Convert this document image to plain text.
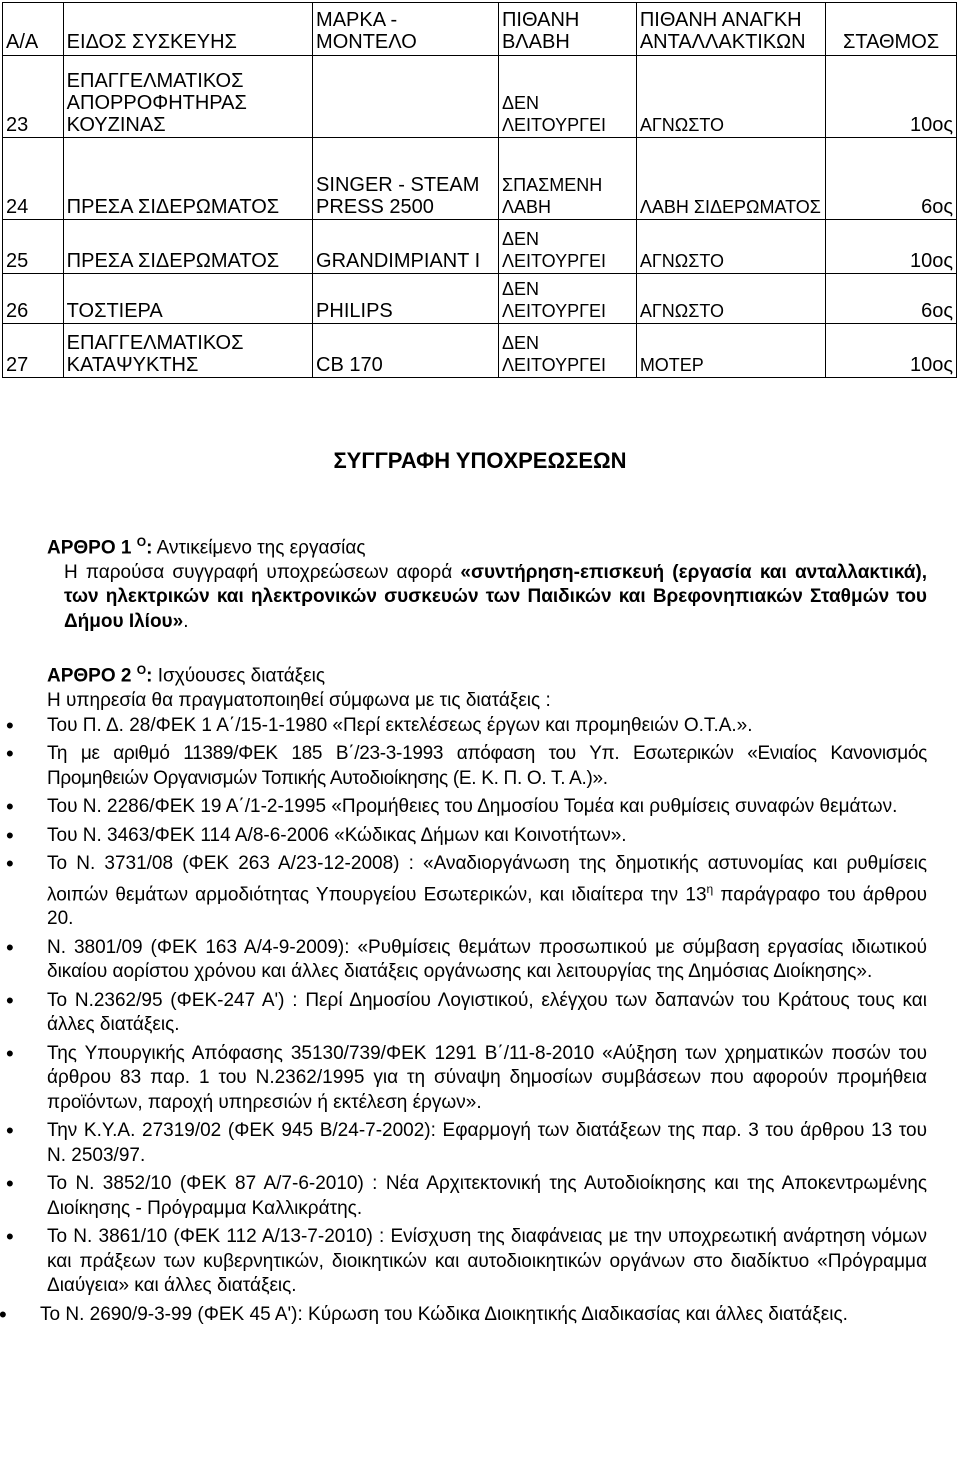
Α/Α	ΕΙΔΟΣ ΣΥΣΚΕΥΗΣ	ΜΑΡΚΑ - ΜΟΝΤΕΛΟ	ΠΙΘΑΝΗ ΒΛΑΒΗ	ΠΙΘΑΝΗ ΑΝΑΓΚΗ ΑΝΤΑΛΛΑΚΤΙΚΩΝ	ΣΤΑΘΜΟΣ
23	ΕΠΑΓΓΕΛΜΑΤΙΚΟΣ ΑΠΟΡΡΟΦΗΤΗΡΑΣ ΚΟΥΖΙΝΑΣ		ΔΕΝ ΛΕΙΤΟΥΡΓΕΙ	ΑΓΝΩΣΤΟ	10ος
24	ΠΡΕΣΑ ΣΙΔΕΡΩΜΑΤΟΣ	SINGER - STEAM PRESS 2500	ΣΠΑΣΜΕΝΗ ΛΑΒΗ	ΛΑΒΗ ΣΙΔΕΡΩΜΑΤΟΣ	6ος
25	ΠΡΕΣΑ ΣΙΔΕΡΩΜΑΤΟΣ	GRANDIMPIANT I	ΔΕΝ ΛΕΙΤΟΥΡΓΕΙ	ΑΓΝΩΣΤΟ	10ος
26	ΤΟΣΤΙΕΡΑ	PHILIPS	ΔΕΝ ΛΕΙΤΟΥΡΓΕΙ	ΑΓΝΩΣΤΟ	6ος
27	ΕΠΑΓΓΕΛΜΑΤΙΚΟΣ ΚΑΤΑΨΥΚΤΗΣ	CB 170	ΔΕΝ ΛΕΙΤΟΥΡΓΕΙ	ΜΟΤΕΡ	10ος
ΣΥΓΓΡΑΦΗ ΥΠΟΧΡΕΩΣΕΩΝ

ΑΡΘΡΟ 1 $^O$: Αντικείμενο της εργασίας

Η παρούσα συγγραφή υποχρεώσεων αφορά «συντήρηση-επισκευή (εργασία και ανταλλακτικά), των ηλεκτρικών και ηλεκτρονικών συσκευών των Παιδικών και Βρεφονηπιακών Σταθμών του Δήμου Ιλίου».

ΑΡΘΡΟ 2 $^O$: Ισχύουσες διατάξεις

Η υπηρεσία θα πραγματοποιηθεί σύμφωνα με τις διατάξεις :

• Του Π. Δ. 28/ΦΕΚ 1 Α΄/15-1-1980 «Περί εκτελέσεως έργων και προμηθειών Ο.Τ.Α.».
• Τη με αριθμό 11389/ΦΕΚ 185 Β΄/23-3-1993 απόφαση του Υπ. Εσωτερικών «Ενιαίος Κανονισμός Προμηθειών Οργανισμών Τοπικής Αυτοδιοίκησης (Ε. Κ. Π. Ο. Τ. Α.)».
• Του Ν. 2286/ΦΕΚ 19 Α΄/1-2-1995 «Προμήθειες του Δημοσίου Τομέα και ρυθμίσεις συναφών θεμάτων.
• Του Ν. 3463/ΦΕΚ 114 Α/8-6-2006 «Κώδικας Δήμων και Κοινοτήτων».
• Το Ν. 3731/08 (ΦΕΚ 263 Α/23-12-2008) : «Αναδιοργάνωση της δημοτικής αστυνομίας και ρυθμίσεις λοιπών θεμάτων αρμοδιότητας Υπουργείου Εσωτερικών, και ιδιαίτερα την $13^\eta$ παράγραφο του άρθρου 20.
• Ν. 3801/09 (ΦΕΚ 163 Α/4-9-2009): «Ρυθμίσεις θεμάτων προσωπικού με σύμβαση εργασίας ιδιωτικού δικαίου αορίστου χρόνου και άλλες διατάξεις οργάνωσης και λειτουργίας της Δημόσιας Διοίκησης».
• Το Ν.2362/95 (ΦΕΚ-247 Α') : Περί Δημοσίου Λογιστικού, ελέγχου των δαπανών του Κράτους τους και άλλες διατάξεις.
• Της Υπουργικής Απόφασης 35130/739/ΦΕΚ 1291 Β΄/11-8-2010 «Αύξηση των χρηματικών ποσών του άρθρου 83 παρ. 1 του Ν.2362/1995 για τη σύναψη δημοσίων συμβάσεων που αφορούν προμήθεια προϊόντων, παροχή υπηρεσιών ή εκτέλεση έργων».
• Την Κ.Υ.Α. 27319/02 (ΦΕΚ 945 Β/24-7-2002): Εφαρμογή των διατάξεων της παρ. 3 του άρθρου 13 του Ν. 2503/97.
• Το Ν. 3852/10 (ΦΕΚ 87 Α/7-6-2010) : Νέα Αρχιτεκτονική της Αυτοδιοίκησης και της Αποκεντρωμένης Διοίκησης - Πρόγραμμα Καλλικράτης.
• Το Ν. 3861/10 (ΦΕΚ 112 Α/13-7-2010) : Ενίσχυση της διαφάνειας με την υποχρεωτική ανάρτηση νόμων και πράξεων των κυβερνητικών, διοικητικών και αυτοδιοικητικών οργάνων στο διαδίκτυο «Πρόγραμμα Διαύγεια» και άλλες διατάξεις.
• Το Ν. 2690/9-3-99 (ΦΕΚ 45 Α'): Κύρωση του Κώδικα Διοικητικής Διαδικασίας και άλλες διατάξεις.
